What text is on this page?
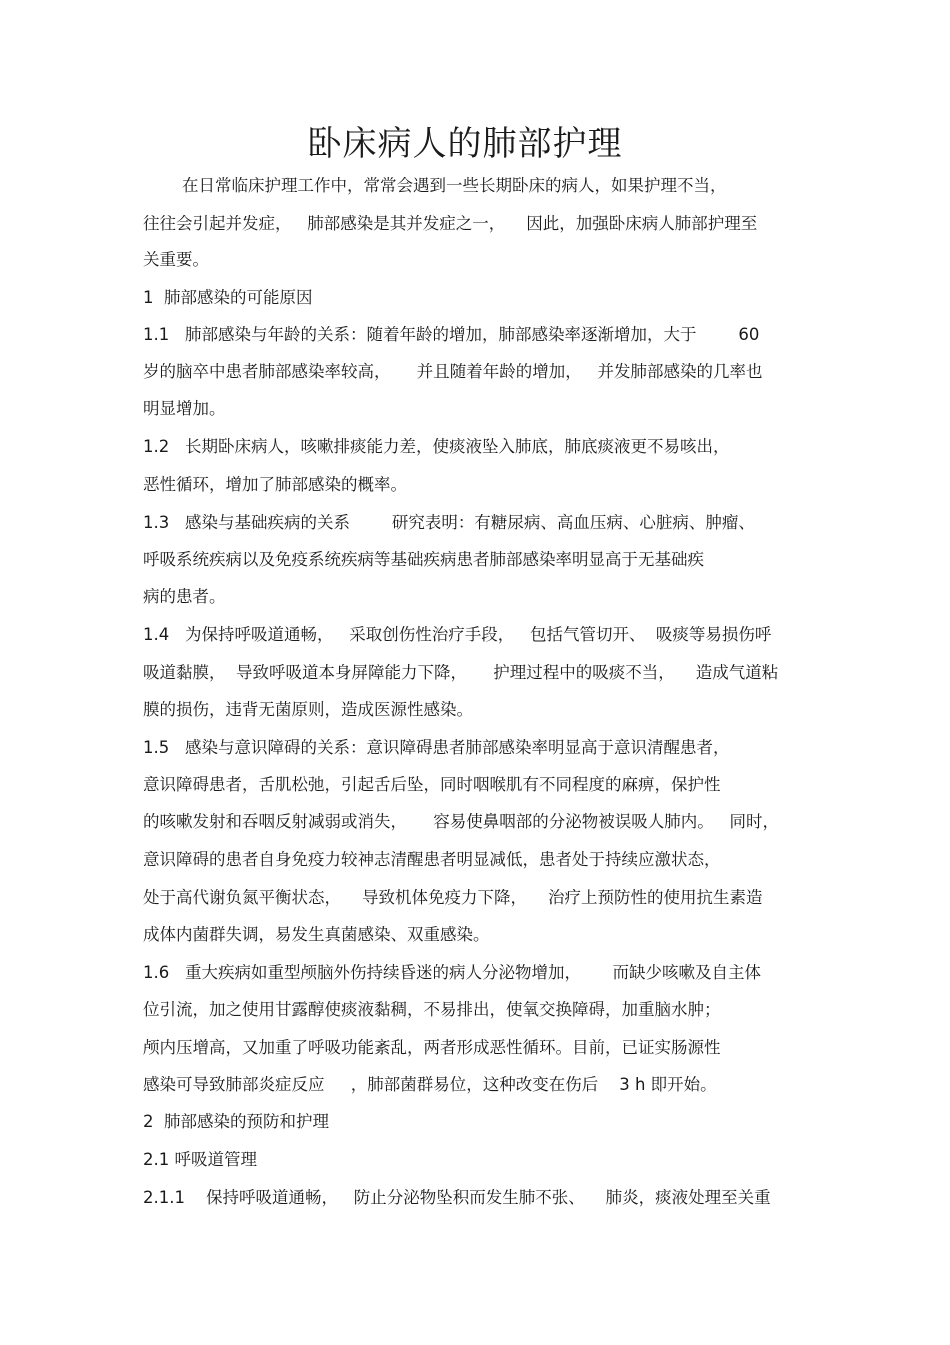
卧床病人的肺部护理

在日常临床护理工作中，常常会遇到一些长期卧床的病人，如果护理不当，

往往会引起并发症，   肺部感染是其并发症之一，    因此，加强卧床病人肺部护理至

关重要。

1  肺部感染的可能原因

1.1   肺部感染与年龄的关系：随着年龄的增加，肺部感染率逐渐增加，大于        60

岁的脑卒中患者肺部感染率较高，     并且随着年龄的增加，   并发肺部感染的几率也

明显增加。

1.2   长期卧床病人，咳嗽排痰能力差，使痰液坠入肺底，肺底痰液更不易咳出，

恶性循环，增加了肺部感染的概率。

1.3   感染与基础疾病的关系        研究表明：有糖尿病、高血压病、心脏病、肿瘤、

呼吸系统疾病以及免疫系统疾病等基础疾病患者肺部感染率明显高于无基础疾

病的患者。

1.4   为保持呼吸道通畅，   采取创伤性治疗手段，   包括气管切开、  吸痰等易损伤呼

吸道黏膜，  导致呼吸道本身屏障能力下降，     护理过程中的吸痰不当，    造成气道粘

膜的损伤，违背无菌原则，造成医源性感染。

1.5   感染与意识障碍的关系：意识障碍患者肺部感染率明显高于意识清醒患者，

意识障碍患者，舌肌松弛，引起舌后坠，同时咽喉肌有不同程度的麻痹，保护性

的咳嗽发射和吞咽反射减弱或消失，     容易使鼻咽部的分泌物被误吸人肺内。   同时，

意识障碍的患者自身免疫力较神志清醒患者明显减低，患者处于持续应激状态，

处于高代谢负氮平衡状态，    导致机体免疫力下降，    治疗上预防性的使用抗生素造

成体内菌群失调，易发生真菌感染、双重感染。

1.6   重大疾病如重型颅脑外伤持续昏迷的病人分泌物增加，      而缺少咳嗽及自主体

位引流，加之使用甘露醇使痰液黏稠，不易排出，使氧交换障碍，加重脑水肿；

颅内压增高，又加重了呼吸功能紊乱，两者形成恶性循环。目前，已证实肠源性

感染可导致肺部炎症反应     ，肺部菌群易位，这种改变在伤后    3 h 即开始。

2  肺部感染的预防和护理

2.1 呼吸道管理

2.1.1    保持呼吸道通畅，   防止分泌物坠积而发生肺不张、    肺炎，痰液处理至关重
